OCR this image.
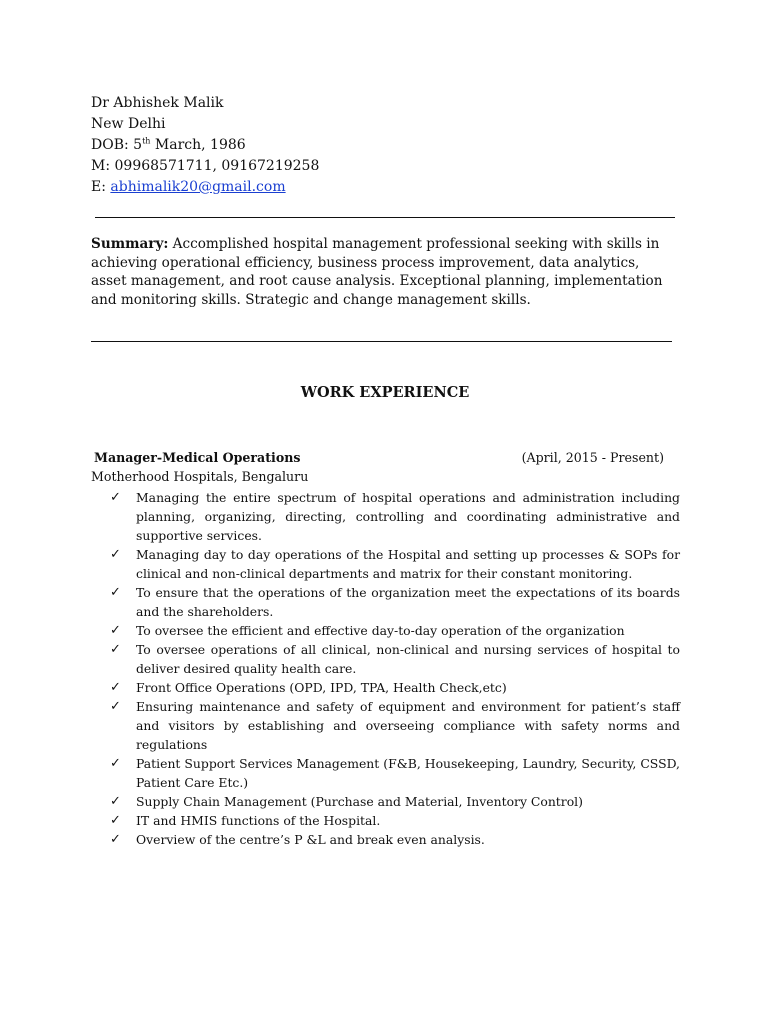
Dr Abhishek Malik
New Delhi
DOB: 5th March, 1986
M: 09968571711, 09167219258
E: abhimalik20@gmail.com
Summary: Accomplished hospital management professional seeking with skills in achieving operational efficiency, business process improvement, data analytics, asset management, and root cause analysis. Exceptional planning, implementation and monitoring skills. Strategic and change management skills.
WORK EXPERIENCE
Manager-Medical Operations	(April, 2015 - Present)
Motherhood Hospitals, Bengaluru
✓ Managing the entire spectrum of hospital operations and administration including planning, organizing, directing, controlling and coordinating administrative and supportive services.
✓ Managing day to day operations of the Hospital and setting up processes & SOPs for clinical and non-clinical departments and matrix for their constant monitoring.
✓ To ensure that the operations of the organization meet the expectations of its boards and the shareholders.
✓ To oversee the efficient and effective day-to-day operation of the organization
✓ To oversee operations of all clinical, non-clinical and nursing services of hospital to deliver desired quality health care.
✓ Front Office Operations (OPD, IPD, TPA, Health Check,etc)
✓ Ensuring maintenance and safety of equipment and environment for patient’s staff and visitors by establishing and overseeing compliance with safety norms and regulations
✓ Patient Support Services Management (F&B, Housekeeping, Laundry, Security, CSSD, Patient Care Etc.)
✓ Supply Chain Management (Purchase and Material, Inventory Control)
✓ IT and HMIS functions of the Hospital.
✓ Overview of the centre’s P &L and break even analysis.
